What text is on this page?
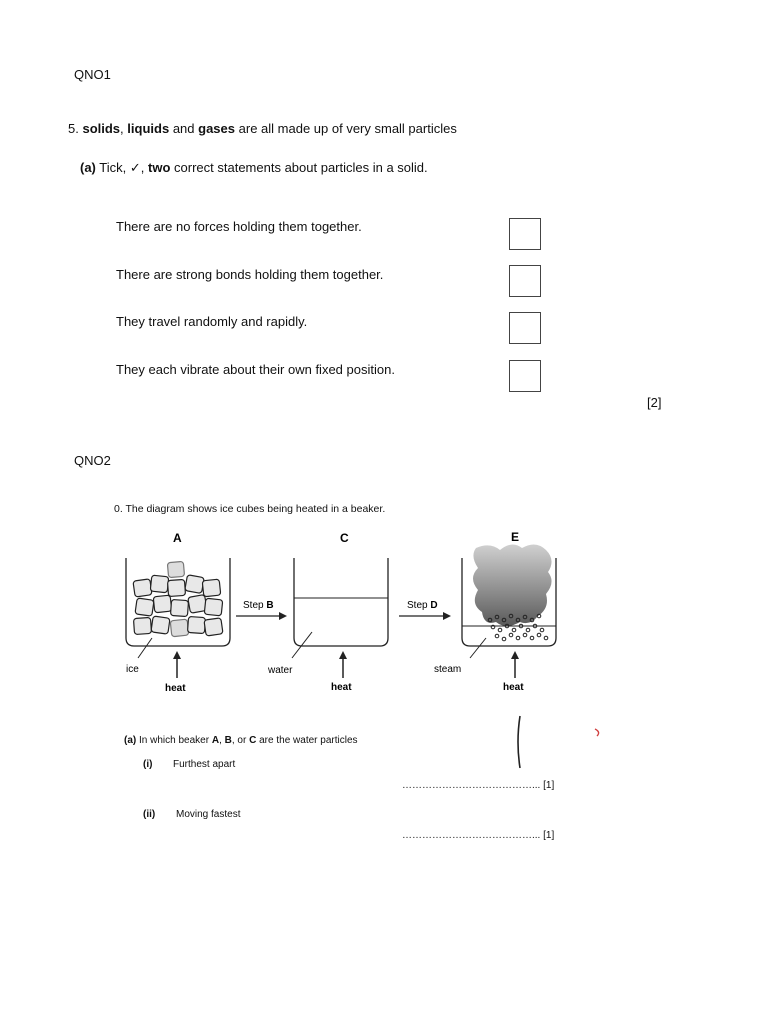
QNO1
5. solids, liquids and gases are all made up of very small particles
(a) Tick, ✓, two correct statements about particles in a solid.
There are no forces holding them together.
There are strong bonds holding them together.
They travel randomly and rapidly.
They each vibrate about their own fixed position.
[2]
QNO2
0. The diagram shows ice cubes being heated in a beaker.
A	C	E
Step B	Step D
ice	water	steam
heat	heat	heat
(a) In which beaker A, B, or C are the water particles
(i) Furthest apart
…………………………………... [1]
(ii) Moving fastest
…………………………………... [1]
